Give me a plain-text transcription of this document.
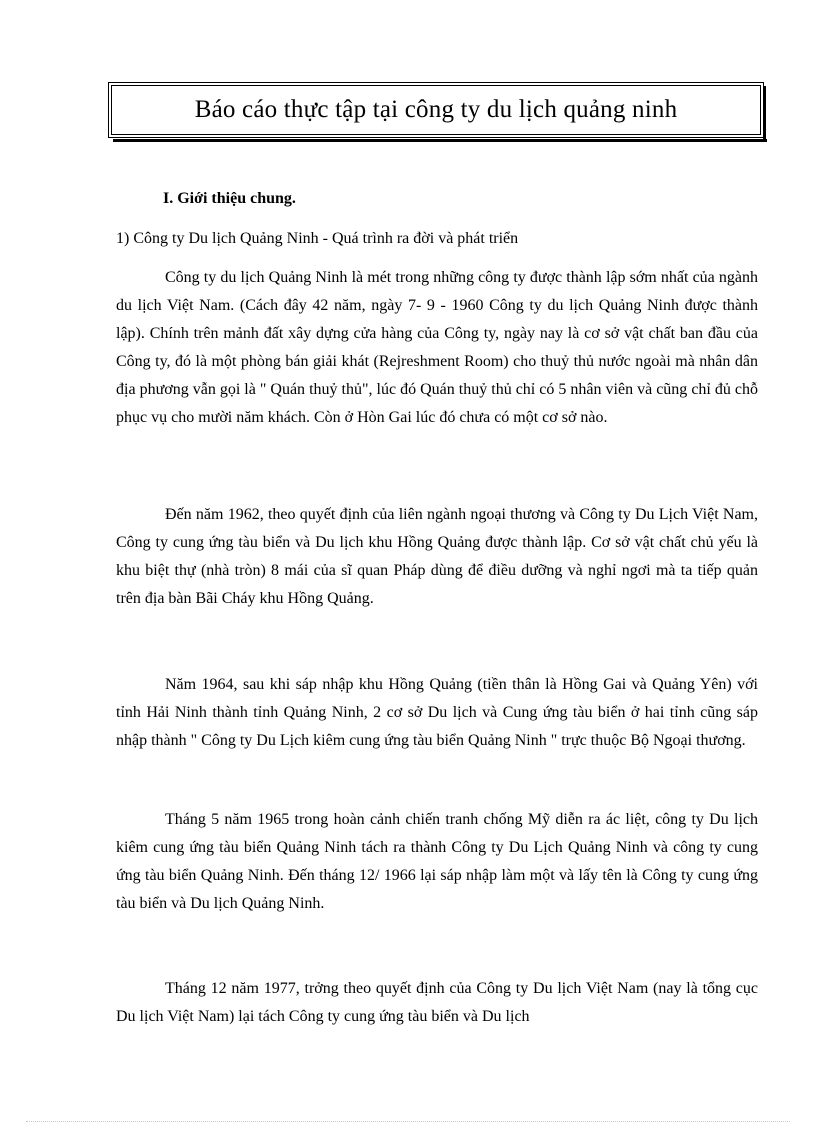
Báo cáo thực tập tại công ty du lịch quảng ninh
I. Giới thiệu chung.
1) Công ty Du lịch Quảng Ninh - Quá trình ra đời và phát triển

Công ty du lịch Quảng Ninh là mét trong những công ty được thành lập sớm nhất của ngành du lịch Việt Nam. (Cách đây 42 năm, ngày 7- 9 - 1960 Công ty du lịch Quảng Ninh được thành lập). Chính trên mảnh đất xây dựng cửa hàng của Công ty, ngày nay là cơ sở vật chất ban đầu của Công ty, đó là một phòng bán giải khát (Rejreshment Room) cho thuỷ thủ nước ngoài mà nhân dân địa phương vẫn gọi là " Quán thuỷ thủ", lúc đó Quán thuỷ thủ chỉ có 5 nhân viên và cũng chỉ đủ chỗ phục vụ cho mười năm khách. Còn ở Hòn Gai lúc đó chưa có một cơ sở nào.

Đến năm 1962, theo quyết định của liên ngành ngoại thương và Công ty Du Lịch Việt Nam, Công ty cung ứng tàu biển và Du lịch khu Hồng Quảng được thành lập. Cơ sở vật chất chủ yếu là khu biệt thự (nhà tròn) 8 mái của sĩ quan Pháp dùng để điều dưỡng và nghỉ ngơi mà ta tiếp quản trên địa bàn Bãi Cháy khu Hồng Quảng.

Năm 1964, sau khi sáp nhập khu Hồng Quảng (tiền thân là Hồng Gai và Quảng Yên) với tỉnh Hải Ninh thành tỉnh Quảng Ninh, 2 cơ sở Du lịch và Cung ứng tàu biển ở hai tỉnh cũng sáp nhập thành " Công ty Du Lịch kiêm cung ứng tàu biển Quảng Ninh " trực thuộc Bộ Ngoại thương.

Tháng 5 năm 1965 trong hoàn cảnh chiến tranh chống Mỹ diễn ra ác liệt, công ty Du lịch kiêm cung ứng tàu biển Quảng Ninh tách ra thành Công ty Du Lịch Quảng Ninh và công ty cung ứng tàu biển Quảng Ninh. Đến tháng 12/ 1966 lại sáp nhập làm một và lấy tên là Công ty cung ứng tàu biển và Du lịch Quảng Ninh.

Tháng 12 năm 1977, trởng theo quyết định của Công ty Du lịch Việt Nam (nay là tổng cục Du lịch Việt Nam) lại tách Công ty cung ứng tàu biển và Du lịch
